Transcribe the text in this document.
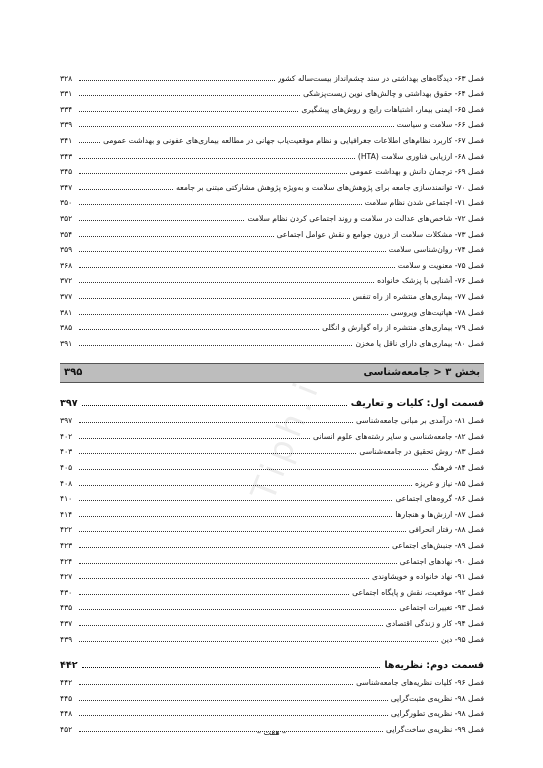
Tiph.ir
فصل ۶۳-

دیدگاه‌های بهداشتی در سند چشم‌انداز بیست‌ساله کشور
۳۲۸
فصل ۶۴-

حقوق بهداشتی و چالش‌های نوین زیست‌پزشکی
۳۳۱
فصل ۶۵-

ایمنی بیمار، اشتباهات رایج و روش‌های پیشگیری
۳۳۴
فصل ۶۶-

سلامت و سیاست
۳۳۹
فصل ۶۷-

کاربرد نظام‌های اطلاعات جغرافیایی و نظام موقعیت‌یاب جهانی در مطالعه بیماری‌های عفونی و بهداشت عمومی
۳۴۱
فصل ۶۸-

ارزیابی فناوری سلامت (HTA)
۳۴۳
فصل ۶۹-

ترجمان دانش و بهداشت عمومی
۳۴۵
فصل ۷۰-

توانمندسازی جامعه برای پژوهش‌های سلامت و به‌ویژه پژوهش مشارکتی مبتنی بر جامعه
۳۴۷
فصل ۷۱-

اجتماعی شدن نظام سلامت
۳۵۰
فصل ۷۲-

شاخص‌های عدالت در سلامت و روند اجتماعی کردن نظام سلامت
۳۵۲
فصل ۷۳-

مشکلات سلامت از درون جوامع و نقش عوامل اجتماعی
۳۵۴
فصل ۷۴-

روان‌شناسی سلامت
۳۵۹
فصل ۷۵-

معنویت و سلامت
۳۶۸
فصل ۷۶-

آشنایی با پزشک خانواده
۳۷۲
فصل ۷۷-

بیماری‌های منتشره از راه تنفس
۳۷۷
فصل ۷۸-

هپاتیت‌های ویروسی
۳۸۱
فصل ۷۹-

بیماری‌های منتشره از راه گوارش و انگلی
۳۸۵
فصل ۸۰-

بیماری‌های دارای ناقل یا مخزن
۳۹۱
بخش ۳ < جامعه‌شناسی
۳۹۵
قسمت اول: کلیات و تعاریف
۳۹۷
فصل ۸۱-

درآمدی بر مبانی جامعه‌شناسی
۳۹۷
فصل ۸۲-

جامعه‌شناسی و سایر رشته‌های علوم انسانی
۴۰۲
فصل ۸۳-

روش تحقیق در جامعه‌شناسی
۴۰۳
فصل ۸۴-

فرهنگ
۴۰۵
فصل ۸۵-

نیاز و غریزه
۴۰۸
فصل ۸۶-

گروه‌های اجتماعی
۴۱۰
فصل ۸۷-

ارزش‌ها و هنجارها
۴۱۴
فصل ۸۸-

رفتار انحرافی
۴۲۲
فصل ۸۹-

جنبش‌های اجتماعی
۴۲۳
فصل ۹۰-

نهادهای اجتماعی
۴۲۴
فصل ۹۱-

نهاد خانواده و خویشاوندی
۴۲۷
فصل ۹۲-

موقعیت، نقش و پایگاه اجتماعی
۴۳۰
فصل ۹۳-

تغییرات اجتماعی
۴۳۵
فصل ۹۴-

کار و زندگی اقتصادی
۴۳۷
فصل ۹۵-

دین
۴۳۹
قسمت دوم: نظریه‌ها
۴۴۲
فصل ۹۶-

کلیات نظریه‌های جامعه‌شناسی
۴۴۲
فصل ۹۸-

نظریه‌ی مثبت‌گرایی
۴۴۵
فصل ۹۸-

نظریه‌ی تطورگرایی
۴۴۸
فصل ۹۹-

نظریه‌ی ساخت‌گرایی
۴۵۲	– هفت –
